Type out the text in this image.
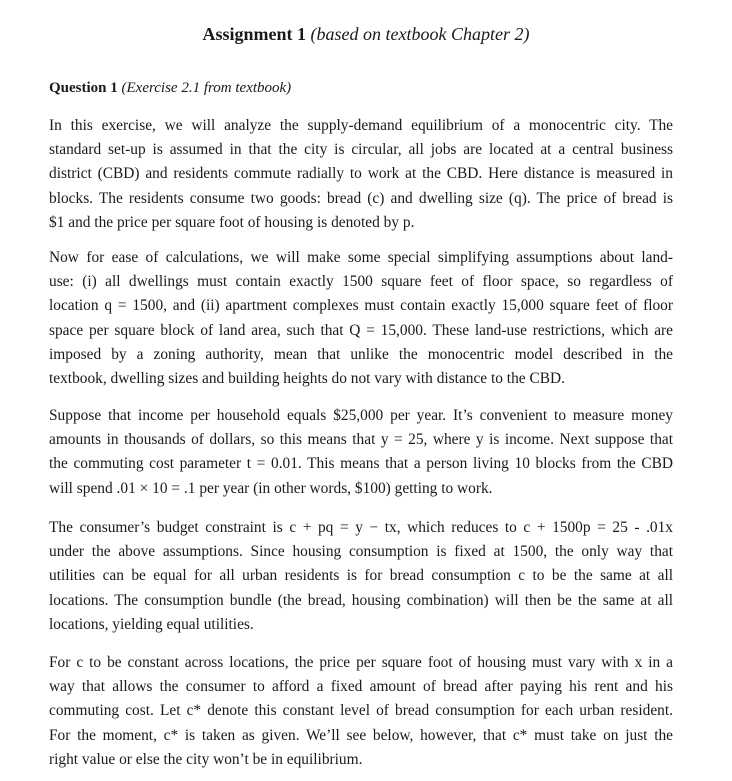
Assignment 1 (based on textbook Chapter 2)
Question 1 (Exercise 2.1 from textbook)
In this exercise, we will analyze the supply-demand equilibrium of a monocentric city. The
standard set-up is assumed in that the city is circular, all jobs are located at a central business
district (CBD) and residents commute radially to work at the CBD. Here distance is measured in
blocks. The residents consume two goods: bread (c) and dwelling size (q). The price of bread is
$1 and the price per square foot of housing is denoted by p.
Now for ease of calculations, we will make some special simplifying assumptions about land-
use: (i) all dwellings must contain exactly 1500 square feet of floor space, so regardless of
location q = 1500, and (ii) apartment complexes must contain exactly 15,000 square feet of floor
space per square block of land area, such that Q = 15,000. These land-use restrictions, which are
imposed by a zoning authority, mean that unlike the monocentric model described in the
textbook, dwelling sizes and building heights do not vary with distance to the CBD.
Suppose that income per household equals $25,000 per year. It’s convenient to measure money
amounts in thousands of dollars, so this means that y = 25, where y is income. Next suppose that
the commuting cost parameter t = 0.01. This means that a person living 10 blocks from the CBD
will spend .01 × 10 = .1 per year (in other words, $100) getting to work.
The consumer’s budget constraint is c + pq = y − tx, which reduces to c + 1500p = 25 - .01x
under the above assumptions. Since housing consumption is fixed at 1500, the only way that
utilities can be equal for all urban residents is for bread consumption c to be the same at all
locations. The consumption bundle (the bread, housing combination) will then be the same at all
locations, yielding equal utilities.
For c to be constant across locations, the price per square foot of housing must vary with x in a
way that allows the consumer to afford a fixed amount of bread after paying his rent and his
commuting cost. Let c* denote this constant level of bread consumption for each urban resident.
For the moment, c* is taken as given. We’ll see below, however, that c* must take on just the
right value or else the city won’t be in equilibrium.
